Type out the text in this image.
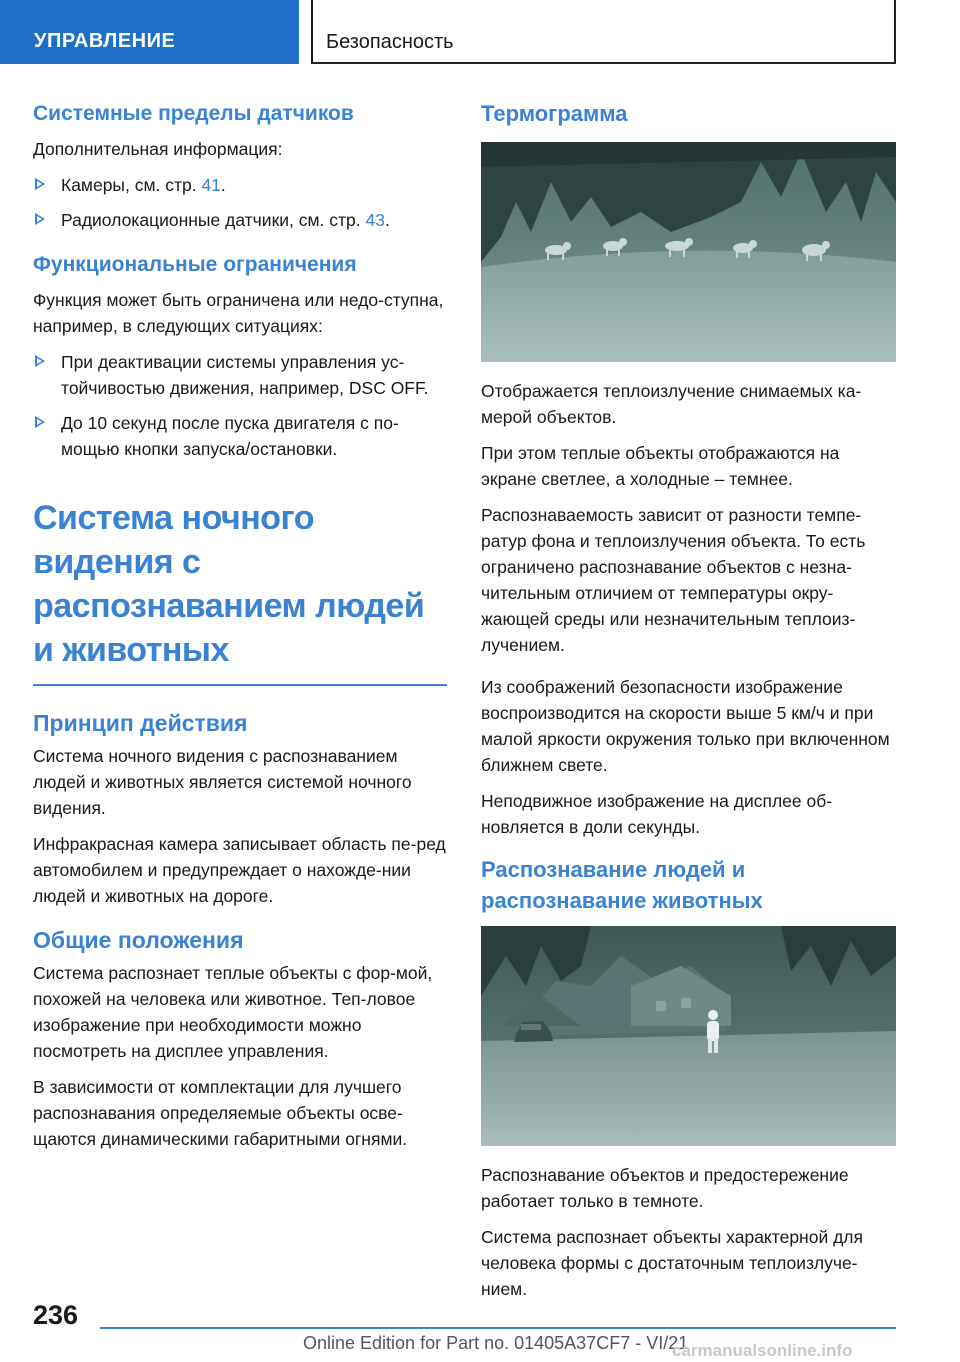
УПРАВЛЕНИЕ	Безопасность
Системные пределы датчиков

Дополнительная информация:

Камеры, см. стр. 41.
Радиолокационные датчики, см. стр. 43.
Функциональные ограничения

Функция может быть ограничена или недо-ступна, например, в следующих ситуациях:

При деактивации системы управления ус-тойчивостью движения, например, DSC OFF.
До 10 секунд после пуска двигателя с по-мощью кнопки запуска/остановки.
Система ночного видения с распознаванием людей и животных
Принцип действия

Система ночного видения с распознаванием людей и животных является системой ночного видения.

Инфракрасная камера записывает область пе-ред автомобилем и предупреждает о нахожде-нии людей и животных на дороге.

Общие положения

Система распознает теплые объекты с фор-мой, похожей на человека или животное. Теп-ловое изображение при необходимости можно посмотреть на дисплее управления.

В зависимости от комплектации для лучшего распознавания определяемые объекты осве-щаются динамическими габаритными огнями.

Термограмма

Отображается теплоизлучение снимаемых ка-мерой объектов.

При этом теплые объекты отображаются на экране светлее, а холодные – темнее.

Распознаваемость зависит от разности темпе-ратур фона и теплоизлучения объекта. То есть ограничено распознавание объектов с незна-чительным отличием от температуры окру-жающей среды или незначительным теплоиз-лучением.

Из соображений безопасности изображение воспроизводится на скорости выше 5 км/ч и при малой яркости окружения только при включенном ближнем свете.

Неподвижное изображение на дисплее об-новляется в доли секунды.

Распознавание людей и распознавание животных

Распознавание объектов и предостережение работает только в темноте.

Система распознает объекты характерной для человека формы с достаточным теплоизлуче-нием.

236
Online Edition for Part no. 01405A37CF7 - VI/21
carmanualsonline.info
